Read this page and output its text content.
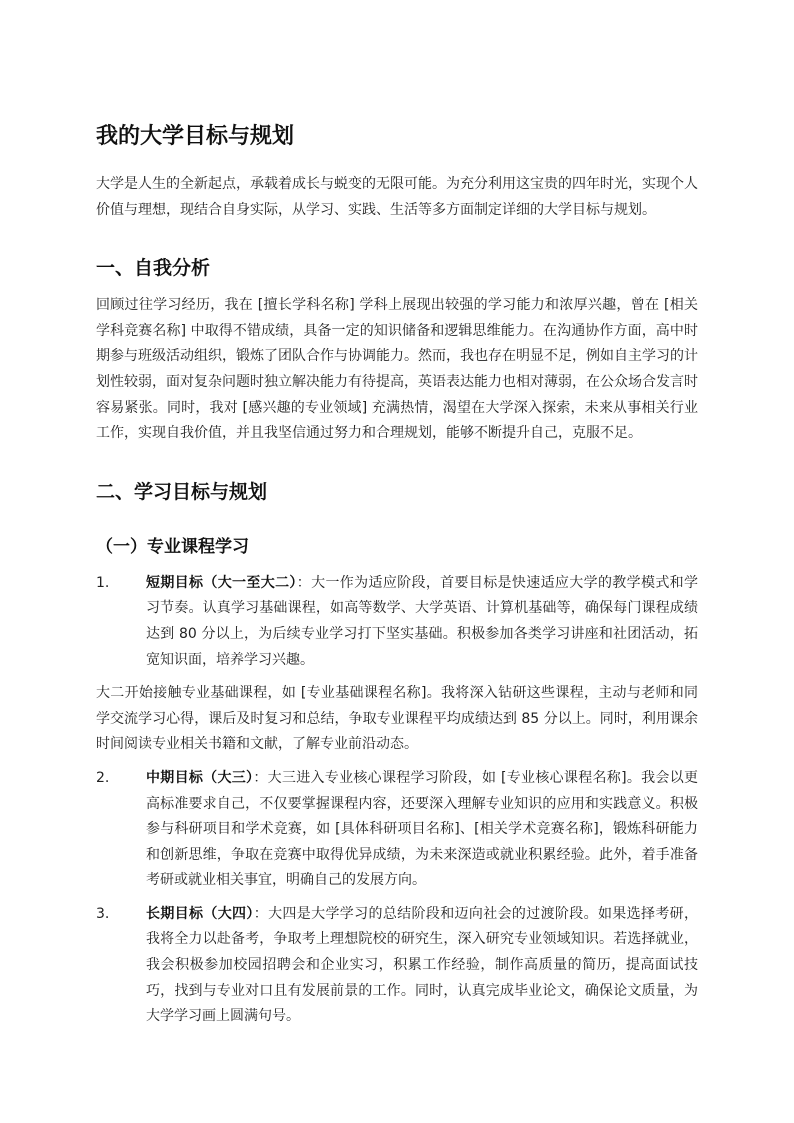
我的大学目标与规划

大学是人生的全新起点，承载着成长与蜕变的无限可能。为充分利用这宝贵的四年时光，实现个人价值与理想，现结合自身实际，从学习、实践、生活等多方面制定详细的大学目标与规划。

一、自我分析

回顾过往学习经历，我在 [擅长学科名称] 学科上展现出较强的学习能力和浓厚兴趣，曾在 [相关学科竞赛名称] 中取得不错成绩，具备一定的知识储备和逻辑思维能力。在沟通协作方面，高中时期参与班级活动组织，锻炼了团队合作与协调能力。然而，我也存在明显不足，例如自主学习的计划性较弱，面对复杂问题时独立解决能力有待提高，英语表达能力也相对薄弱，在公众场合发言时容易紧张。同时，我对 [感兴趣的专业领域] 充满热情，渴望在大学深入探索，未来从事相关行业工作，实现自我价值，并且我坚信通过努力和合理规划，能够不断提升自己，克服不足。

二、学习目标与规划
（一）专业课程学习
1.	短期目标（大一至大二）：大一作为适应阶段，首要目标是快速适应大学的教学模式和学习节奏。认真学习基础课程，如高等数学、大学英语、计算机基础等，确保每门课程成绩达到 80 分以上，为后续专业学习打下坚实基础。积极参加各类学习讲座和社团活动，拓宽知识面，培养学习兴趣。

大二开始接触专业基础课程，如 [专业基础课程名称]。我将深入钻研这些课程，主动与老师和同学交流学习心得，课后及时复习和总结，争取专业课程平均成绩达到 85 分以上。同时，利用课余时间阅读专业相关书籍和文献，了解专业前沿动态。

2.	中期目标（大三）：大三进入专业核心课程学习阶段，如 [专业核心课程名称]。我会以更高标准要求自己，不仅要掌握课程内容，还要深入理解专业知识的应用和实践意义。积极参与科研项目和学术竞赛，如 [具体科研项目名称]、[相关学术竞赛名称]，锻炼科研能力和创新思维，争取在竞赛中取得优异成绩，为未来深造或就业积累经验。此外，着手准备考研或就业相关事宜，明确自己的发展方向。
3.	长期目标（大四）：大四是大学学习的总结阶段和迈向社会的过渡阶段。如果选择考研，我将全力以赴备考，争取考上理想院校的研究生，深入研究专业领域知识。若选择就业，我会积极参加校园招聘会和企业实习，积累工作经验，制作高质量的简历，提高面试技巧，找到与专业对口且有发展前景的工作。同时，认真完成毕业论文，确保论文质量，为大学学习画上圆满句号。
